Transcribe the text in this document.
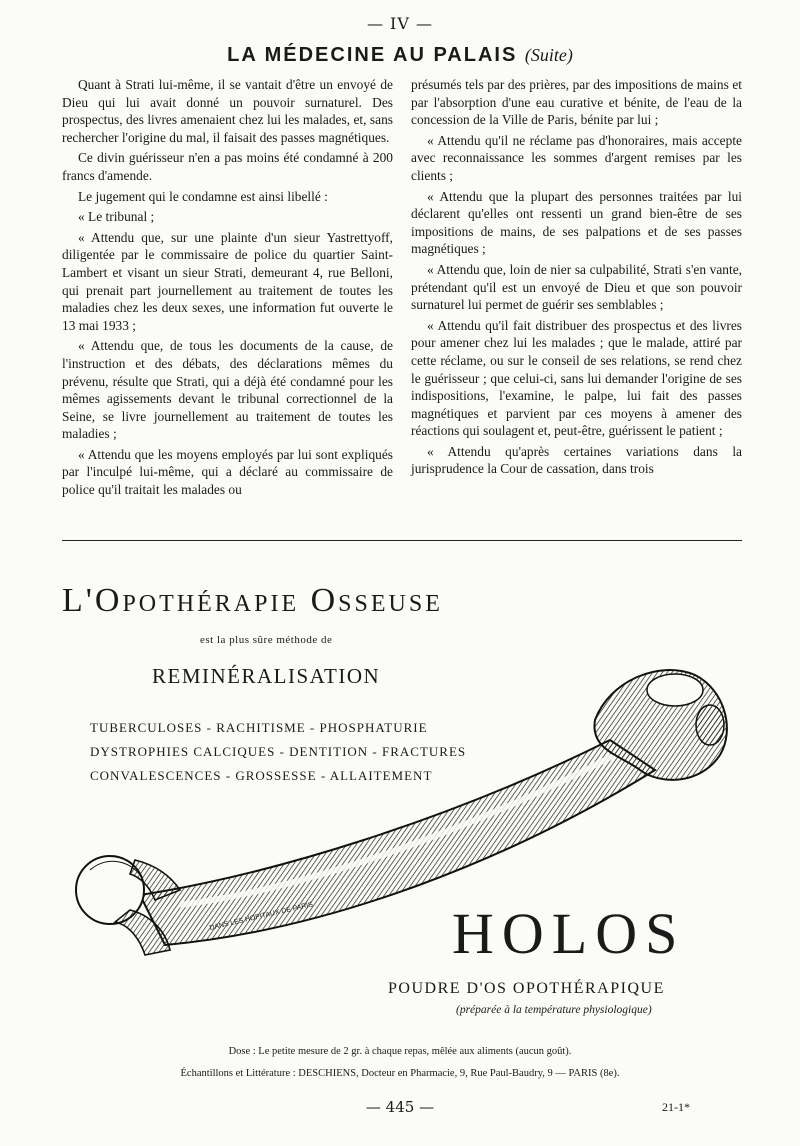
— IV —
LA MÉDECINE AU PALAIS (Suite)

Quant à Strati lui-même, il se vantait d'être un envoyé de Dieu qui lui avait donné un pouvoir surnaturel. Des prospectus, des livres amenaient chez lui les malades, et, sans rechercher l'origine du mal, il faisait des passes magnétiques.

Ce divin guérisseur n'en a pas moins été condamné à 200 francs d'amende.

Le jugement qui le condamne est ainsi libellé :

« Le tribunal ;

« Attendu que, sur une plainte d'un sieur Yastrettyoff, diligentée par le commissaire de police du quartier Saint-Lambert et visant un sieur Strati, demeurant 4, rue Belloni, qui prenait part journellement au traitement de toutes les maladies chez les deux sexes, une information fut ouverte le 13 mai 1933 ;

« Attendu que, de tous les documents de la cause, de l'instruction et des débats, des déclarations mêmes du prévenu, résulte que Strati, qui a déjà été condamné pour les mêmes agissements devant le tribunal correctionnel de la Seine, se livre journellement au traitement de toutes les maladies ;

« Attendu que les moyens employés par lui sont expliqués par l'inculpé lui-même, qui a déclaré au commissaire de police qu'il traitait les malades ou

présumés tels par des prières, par des impositions de mains et par l'absorption d'une eau curative et bénite, de l'eau de la concession de la Ville de Paris, bénite par lui ;

« Attendu qu'il ne réclame pas d'honoraires, mais accepte avec reconnaissance les sommes d'argent remises par les clients ;

« Attendu que la plupart des personnes traitées par lui déclarent qu'elles ont ressenti un grand bien-être de ses impositions de mains, de ses palpations et de ses passes magnétiques ;

« Attendu que, loin de nier sa culpabilité, Strati s'en vante, prétendant qu'il est un envoyé de Dieu et que son pouvoir surnaturel lui permet de guérir ses semblables ;

« Attendu qu'il fait distribuer des prospectus et des livres pour amener chez lui les malades ; que le malade, attiré par cette réclame, ou sur le conseil de ses relations, se rend chez le guérisseur ; que celui-ci, sans lui demander l'origine de ses indispositions, l'examine, le palpe, lui fait des passes magnétiques et parvient par ces moyens à amener des réactions qui soulagent et, peut-être, guérissent le patient ;

« Attendu qu'après certaines variations dans la jurisprudence la Cour de cassation, dans trois

L'Opothérapie Osseuse
est la plus sûre méthode de
REMINÉRALISATION
TUBERCULOSES - RACHITISME - PHOSPHATURIE
DYSTROPHIES CALCIQUES - DENTITION - FRACTURES
CONVALESCENCES - GROSSESSE - ALLAITEMENT
DANS LES HOPITAUX DE PARIS HOLOS
POUDRE D'OS OPOTHÉRAPIQUE
(préparée à la température physiologique)
Dose : Le petite mesure de 2 gr. à chaque repas, mêlée aux aliments (aucun goût).
Échantillons et Littérature : DESCHIENS, Docteur en Pharmacie, 9, Rue Paul-Baudry, 9 — PARIS (8e).
— 445 —	21-1*
